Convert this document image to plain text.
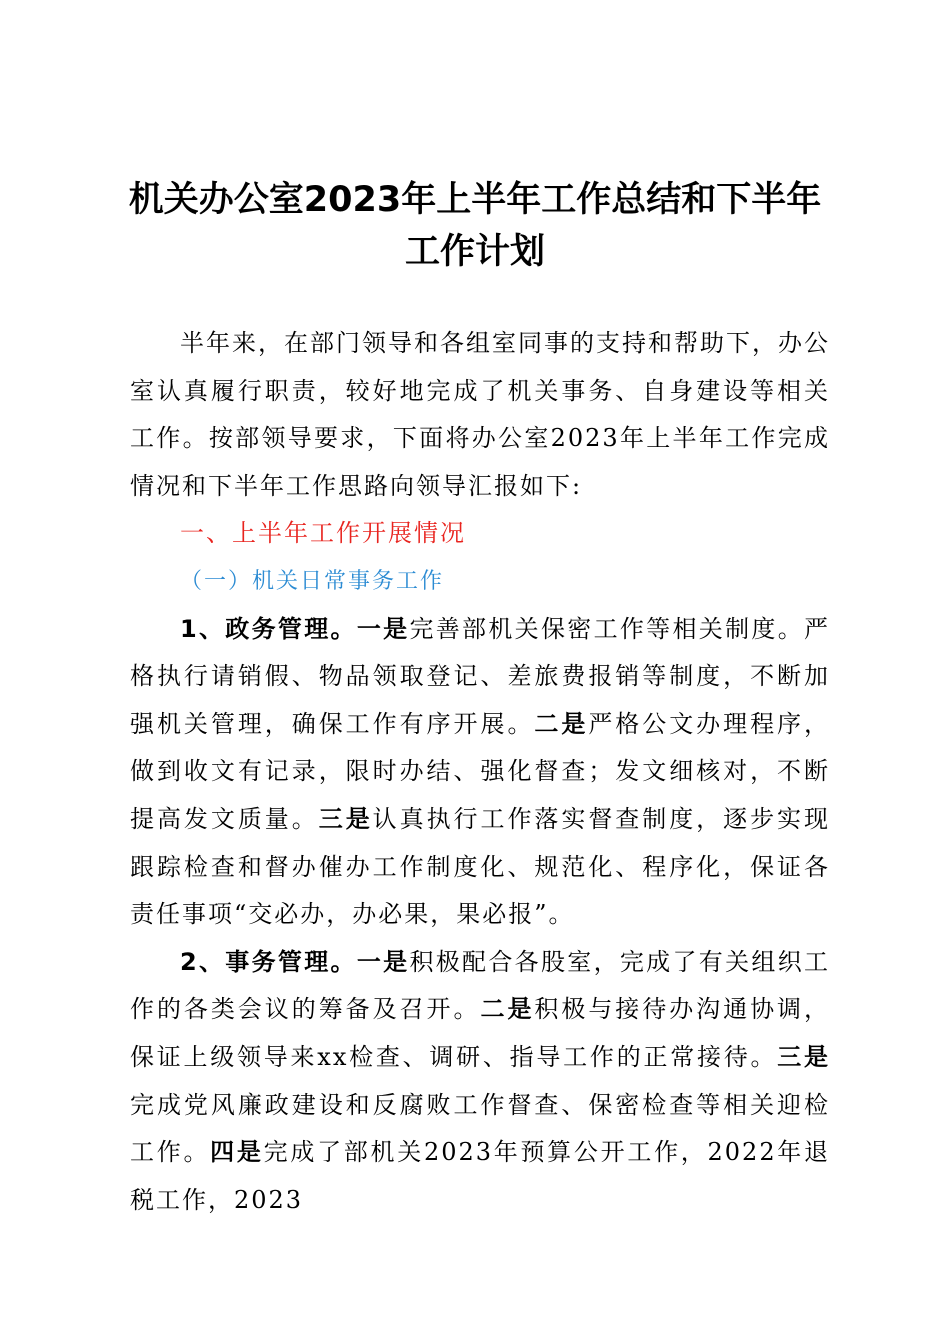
机关办公室2023年上半年工作总结和下半年
工作计划

半年来，在部门领导和各组室同事的支持和帮助下，办公室认真履行职责，较好地完成了机关事务、自身建设等相关工作。按部领导要求，下面将办公室2023年上半年工作完成情况和下半年工作思路向领导汇报如下:

一、上半年工作开展情况

（一）机关日常事务工作

1、政务管理。一是完善部机关保密工作等相关制度。严格执行请销假、物品领取登记、差旅费报销等制度，不断加强机关管理，确保工作有序开展。二是严格公文办理程序，做到收文有记录，限时办结、强化督查；发文细核对，不断提高发文质量。三是认真执行工作落实督查制度，逐步实现跟踪检查和督办催办工作制度化、规范化、程序化，保证各责任事项“交必办，办必果，果必报”。

2、事务管理。一是积极配合各股室，完成了有关组织工作的各类会议的筹备及召开。二是积极与接待办沟通协调，保证上级领导来xx检查、调研、指导工作的正常接待。三是完成党风廉政建设和反腐败工作督查、保密检查等相关迎检工作。四是完成了部机关2023年预算公开工作，2022年退税工作，2023
